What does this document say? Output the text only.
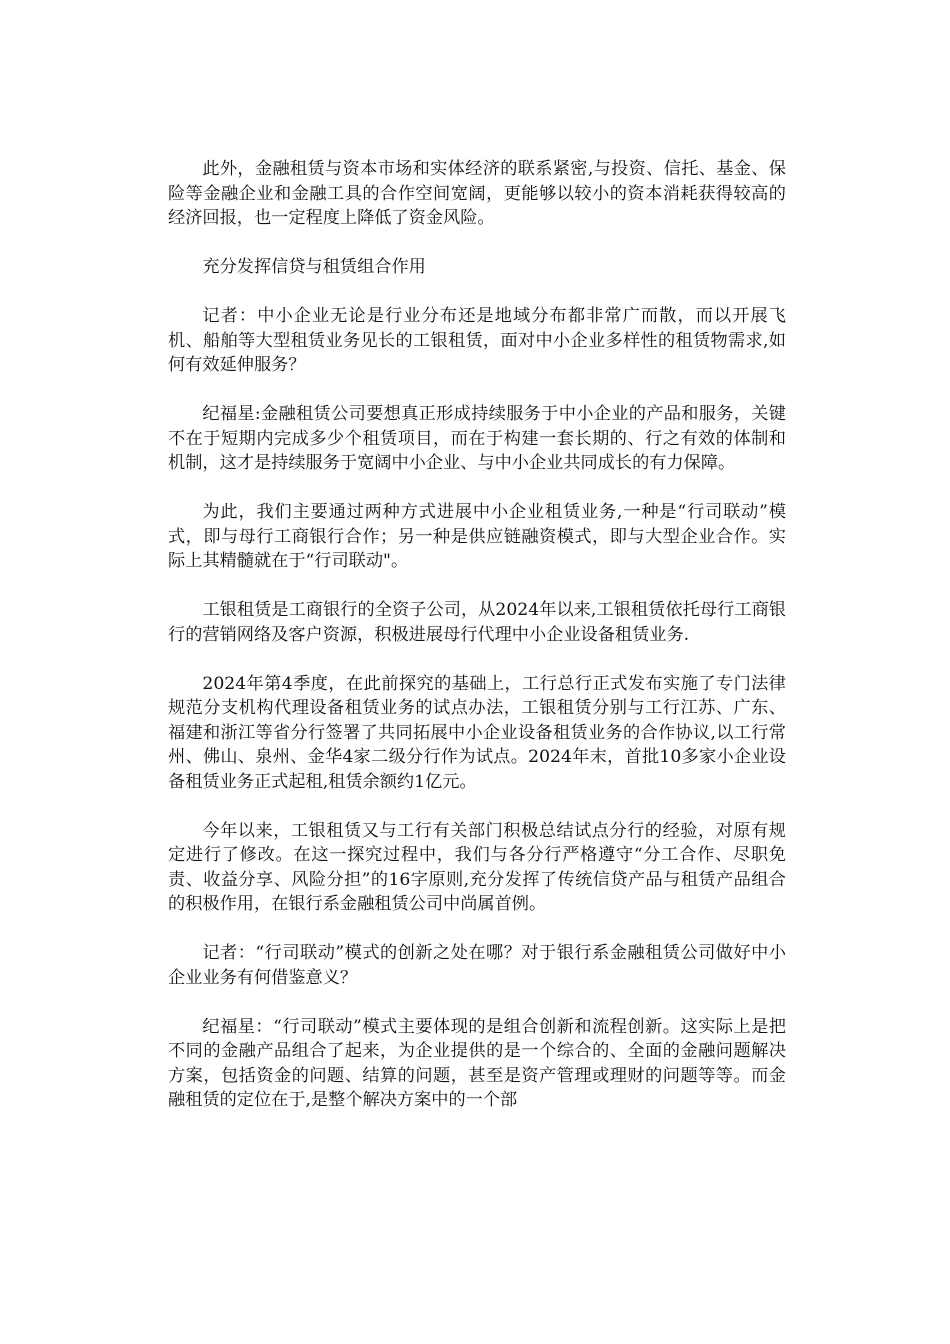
此外，金融租赁与资本市场和实体经济的联系紧密,与投资、信托、基金、保险等金融企业和金融工具的合作空间宽阔，更能够以较小的资本消耗获得较高的经济回报，也一定程度上降低了资金风险。

充分发挥信贷与租赁组合作用

记者：中小企业无论是行业分布还是地域分布都非常广而散，而以开展飞机、船舶等大型租赁业务见长的工银租赁，面对中小企业多样性的租赁物需求,如何有效延伸服务？

纪福星:金融租赁公司要想真正形成持续服务于中小企业的产品和服务，关键不在于短期内完成多少个租赁项目，而在于构建一套长期的、行之有效的体制和机制，这才是持续服务于宽阔中小企业、与中小企业共同成长的有力保障。

为此，我们主要通过两种方式进展中小企业租赁业务,一种是“行司联动”模式，即与母行工商银行合作；另一种是供应链融资模式，即与大型企业合作。实际上其精髓就在于“行司联动"。

工银租赁是工商银行的全资子公司，从2024年以来,工银租赁依托母行工商银行的营销网络及客户资源，积极进展母行代理中小企业设备租赁业务.

2024年第4季度，在此前探究的基础上，工行总行正式发布实施了专门法律规范分支机构代理设备租赁业务的试点办法，工银租赁分别与工行江苏、广东、福建和浙江等省分行签署了共同拓展中小企业设备租赁业务的合作协议,以工行常州、佛山、泉州、金华4家二级分行作为试点。2024年末，首批10多家小企业设备租赁业务正式起租,租赁余额约1亿元。

今年以来，工银租赁又与工行有关部门积极总结试点分行的经验，对原有规定进行了修改。在这一探究过程中，我们与各分行严格遵守“分工合作、尽职免责、收益分享、风险分担”的16字原则,充分发挥了传统信贷产品与租赁产品组合的积极作用，在银行系金融租赁公司中尚属首例。

记者：“行司联动”模式的创新之处在哪？对于银行系金融租赁公司做好中小企业业务有何借鉴意义？

纪福星：“行司联动”模式主要体现的是组合创新和流程创新。这实际上是把不同的金融产品组合了起来，为企业提供的是一个综合的、全面的金融问题解决方案，包括资金的问题、结算的问题，甚至是资产管理或理财的问题等等。而金融租赁的定位在于,是整个解决方案中的一个部
